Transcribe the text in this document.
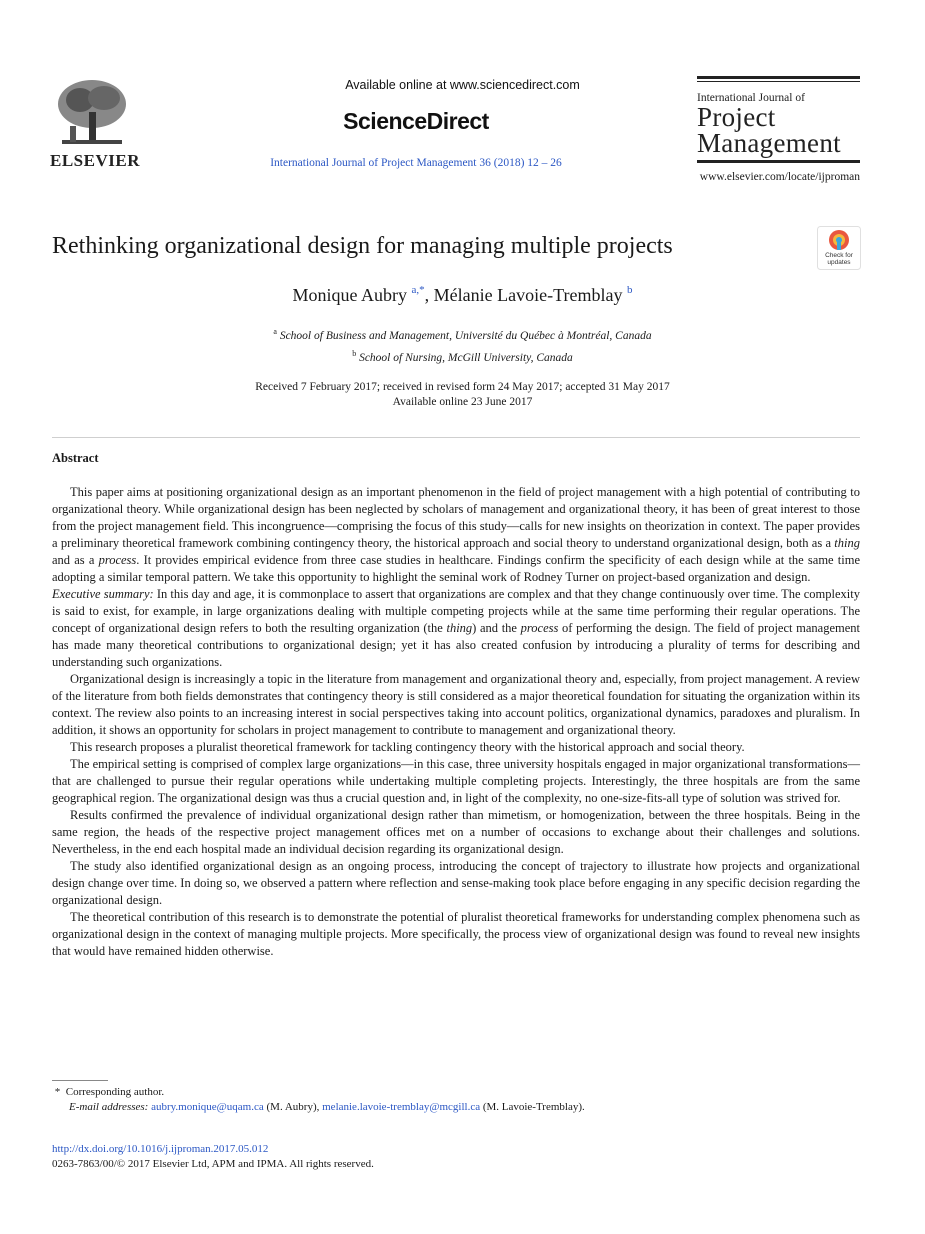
ELSEVIER
Available online at www.sciencedirect.com
ScienceDirect
International Journal of Project Management 36 (2018) 12 – 26
International Journal of
Project
Management
www.elsevier.com/locate/ijproman
Rethinking organizational design for managing multiple projects	Check for
updates
Monique Aubry $^{a,*}$, Mélanie Lavoie-Tremblay $^b$
$^a$ School of Business and Management, Université du Québec à Montréal, Canada
$^b$ School of Nursing, McGill University, Canada
Received 7 February 2017; received in revised form 24 May 2017; accepted 31 May 2017
Available online 23 June 2017
Abstract

This paper aims at positioning organizational design as an important phenomenon in the field of project management with a high potential of contributing to organizational theory. While organizational design has been neglected by scholars of management and organizational theory, it has been of great interest to those from the project management field. This incongruence—comprising the focus of this study—calls for new insights on theorization in context. The paper provides a preliminary theoretical framework combining contingency theory, the historical approach and social theory to understand organizational design, both as a thing and as a process. It provides empirical evidence from three case studies in healthcare. Findings confirm the specificity of each design while at the same time adopting a similar temporal pattern. We take this opportunity to highlight the seminal work of Rodney Turner on project-based organization and design.

Executive summary: In this day and age, it is commonplace to assert that organizations are complex and that they change continuously over time. The complexity is said to exist, for example, in large organizations dealing with multiple competing projects while at the same time performing their regular operations. The concept of organizational design refers to both the resulting organization (the thing) and the process of performing the design. The field of project management has made many theoretical contributions to organizational design; yet it has also created confusion by introducing a plurality of terms for describing and understanding such organizations.

Organizational design is increasingly a topic in the literature from management and organizational theory and, especially, from project management. A review of the literature from both fields demonstrates that contingency theory is still considered as a major theoretical foundation for situating the organization within its context. The review also points to an increasing interest in social perspectives taking into account politics, organizational dynamics, paradoxes and pluralism. In addition, it shows an opportunity for scholars in project management to contribute to management and organizational theory.

This research proposes a pluralist theoretical framework for tackling contingency theory with the historical approach and social theory.

The empirical setting is comprised of complex large organizations—in this case, three university hospitals engaged in major organizational transformations—that are challenged to pursue their regular operations while undertaking multiple completing projects. Interestingly, the three hospitals are from the same geographical region. The organizational design was thus a crucial question and, in light of the complexity, no one-size-fits-all type of solution was strived for.

Results confirmed the prevalence of individual organizational design rather than mimetism, or homogenization, between the three hospitals. Being in the same region, the heads of the respective project management offices met on a number of occasions to exchange about their challenges and solutions. Nevertheless, in the end each hospital made an individual decision regarding its organizational design.

The study also identified organizational design as an ongoing process, introducing the concept of trajectory to illustrate how projects and organizational design change over time. In doing so, we observed a pattern where reflection and sense-making took place before engaging in any specific decision regarding the organizational design.

The theoretical contribution of this research is to demonstrate the potential of pluralist theoretical frameworks for understanding complex phenomena such as organizational design in the context of managing multiple projects. More specifically, the process view of organizational design was found to reveal new insights that would have remained hidden otherwise.

* Corresponding author.
E-mail addresses: aubry.monique@uqam.ca (M. Aubry), melanie.lavoie-tremblay@mcgill.ca (M. Lavoie-Tremblay).
http://dx.doi.org/10.1016/j.ijproman.2017.05.012
0263-7863/00/© 2017 Elsevier Ltd, APM and IPMA. All rights reserved.
